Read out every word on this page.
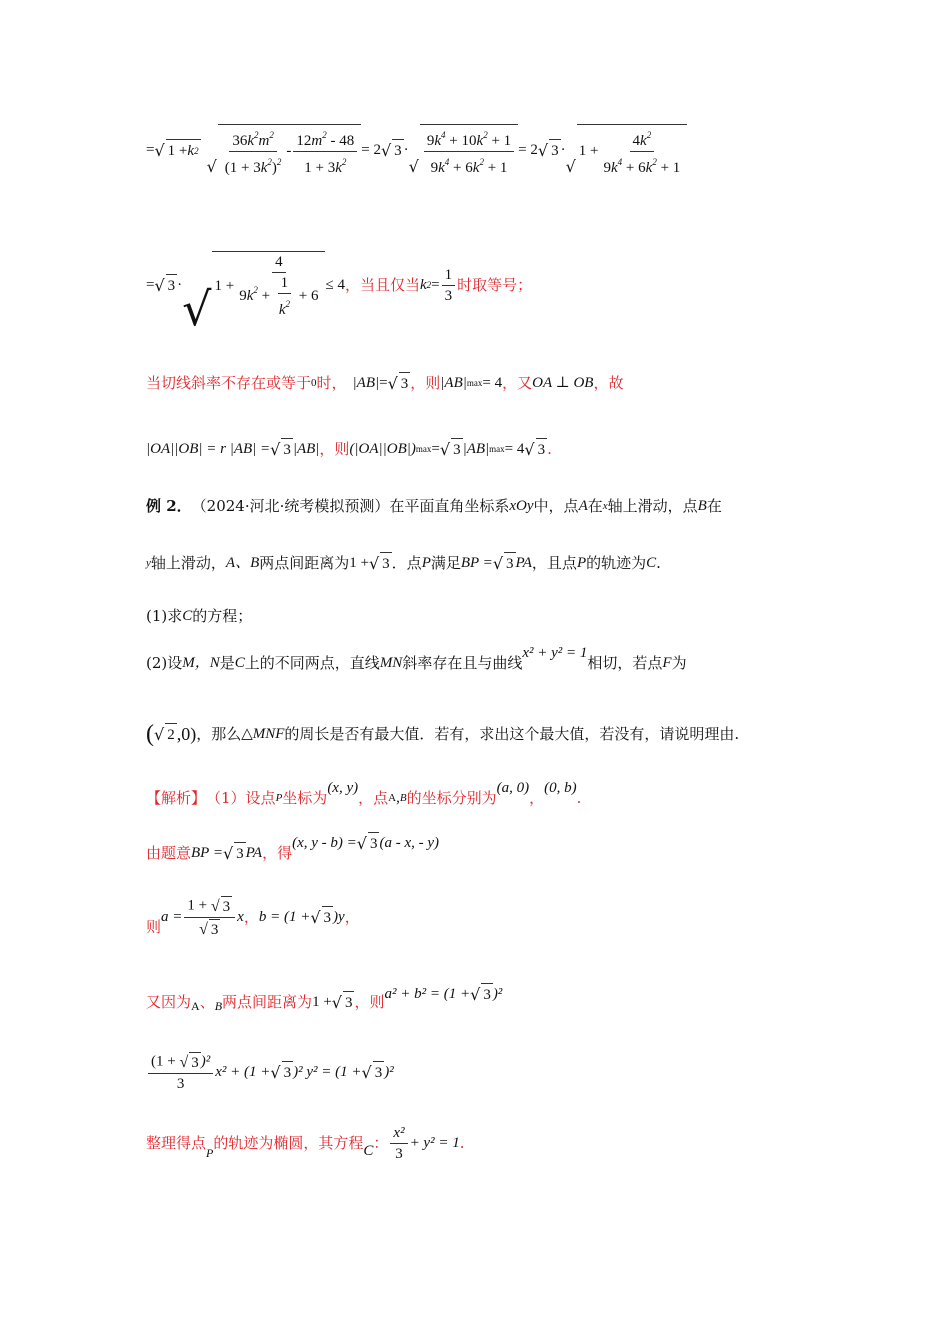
= √ 1 + k 2
√ $\frac{36k^2m^2}{(1 + 3k^2)^2} - \frac{12m^2 - 48}{1 + 3k^2} = 2$ √ 3 ·
√ $\frac{9k^4 + 10k^2 + 1}{9k^4 + 6k^2 + 1} = 2$ √ 3 ·
√
$1 + \frac{4k^2}{9k^4 + 6k^2 + 1}$
= √ 3 · √ 1 +
4
$9k^2 + \frac{1}{k^2} + 6$
≤ 4 ，当且仅当 k $2 = \frac{1}{3}$ 时取等号；
当切线斜率不存在或等于 0 时， |AB| = √ 3 ，则 |AB| max = 4 ，又 OA ⊥ OB ，故
|OA||OB| = r |AB| = √ 3 |AB| ，则 (|OA||OB|) max = √ 3 |AB| max = 4 √ 3 .
例 2． （2024·河北·统考模拟预测）在平面直角坐标系 xOy 中，点 A 在 x 轴上滑动，点 B 在
y 轴上滑动， A、B 两点间距离为 1 + √ 3 ．点 P 满足 BP = √ 3 PA ，且点 P 的轨迹为 C .
(1)求 C 的方程；
(2)设 M，N 是 C 上的不同两点，直线 MN 斜率存在且与曲线
x² + y² = 1
相切，若点 F 为
( √ 2 ,0) ，那么 △MNF 的周长是否有最大值．若有，求出这个最大值，若没有，请说明理由.
【解析】 （1）设点 P 坐标为
(x, y)
，点 A , B 的坐标分别为
(a, 0)
，
(0, b)
.
由题意 BP = √ 3 PA ，得
(x, y - b) = √ 3 (a - x, - y)
则
$a = \frac{1 + √ 3}{√ 3}$ x ， b = (1 + √ 3 )y ，
又因为 A 、 B 两点间距离为 1 + √ 3 ，则 a² + b² = (1 + √ 3 )²
$\frac{\text{(1 + √ 3 )²}}{3} x^2 + (1$ + √ 3 )² y² = (1 + √ 3 )²
整理得点
P
的轨迹为椭圆，其方程 C ： $\frac{\text{x²}}{3} + y^2 = 1$ .
